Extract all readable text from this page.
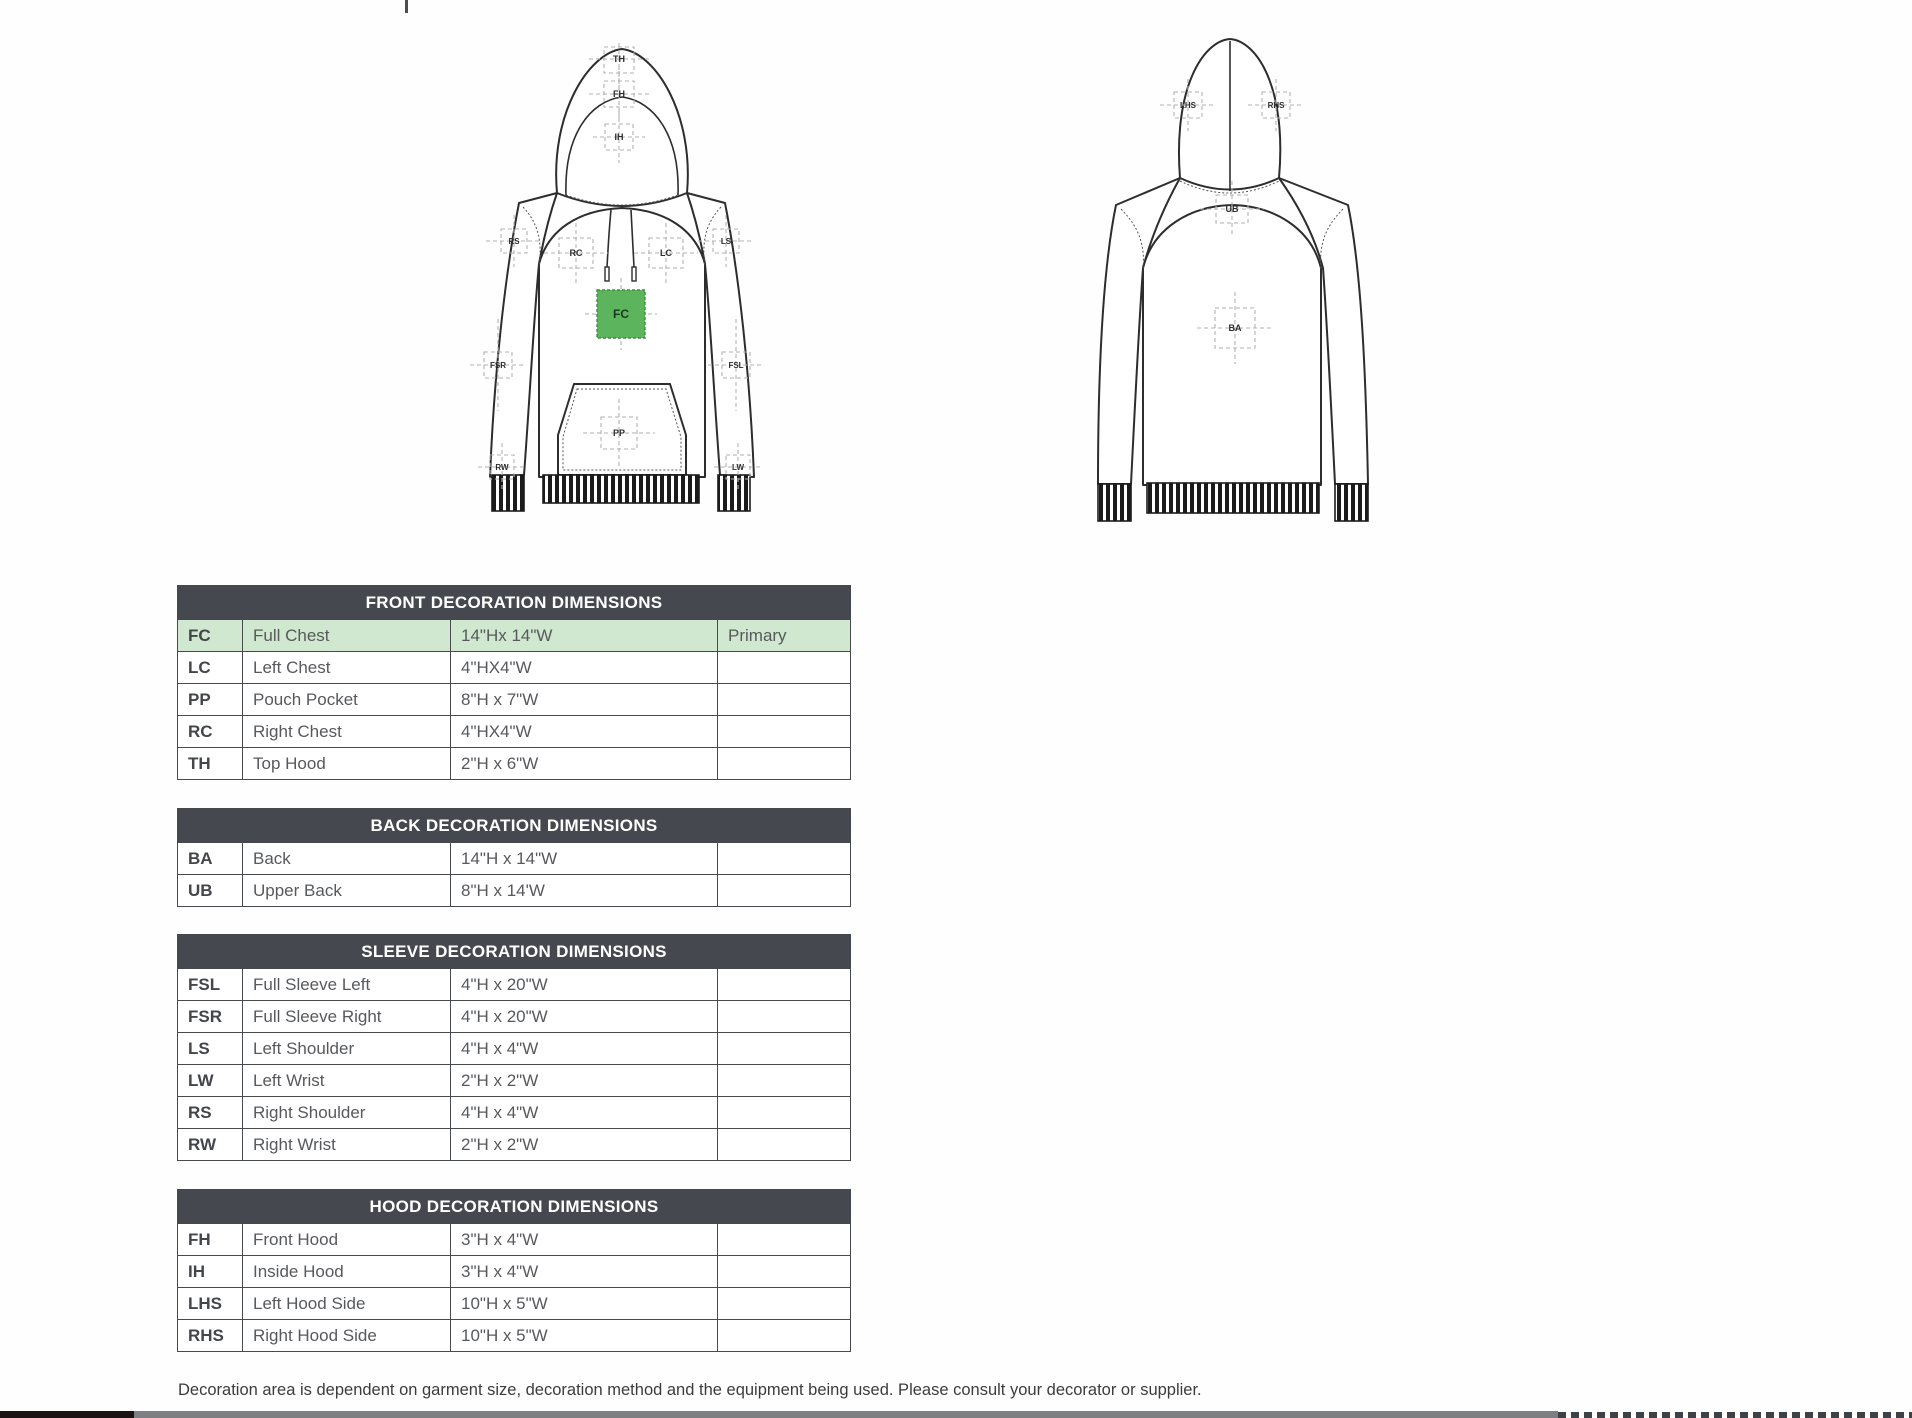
TH
FH
IH
RS	LS
RC	LC
FC
FSR	FSL
PP
RW	LW
LHS	RHS
UB
BA
FRONT DECORATION DIMENSIONS			
FC	Full Chest	14"Hx 14"W	Primary
LC	Left Chest	4"HX4"W	
PP	Pouch Pocket	8"H x 7"W	
RC	Right Chest	4"HX4"W	
TH	Top Hood	2"H x 6"W	
BACK DECORATION DIMENSIONS			
BA	Back	14"H x 14"W	
UB	Upper Back	8"H x 14'W	
SLEEVE DECORATION DIMENSIONS			
FSL	Full Sleeve Left	4"H x 20"W	
FSR	Full Sleeve Right	4"H x 20"W	
LS	Left Shoulder	4"H x 4"W	
LW	Left Wrist	2"H x 2"W	
RS	Right Shoulder	4"H x 4"W	
RW	Right Wrist	2"H x 2"W	
HOOD DECORATION DIMENSIONS			
FH	Front Hood	3"H x 4"W	
IH	Inside Hood	3"H x 4"W	
LHS	Left Hood Side	10"H x 5"W	
RHS	Right Hood Side	10"H x 5"W	
Decoration area is dependent on garment size, decoration method and the equipment being used. Please consult your decorator or supplier.
